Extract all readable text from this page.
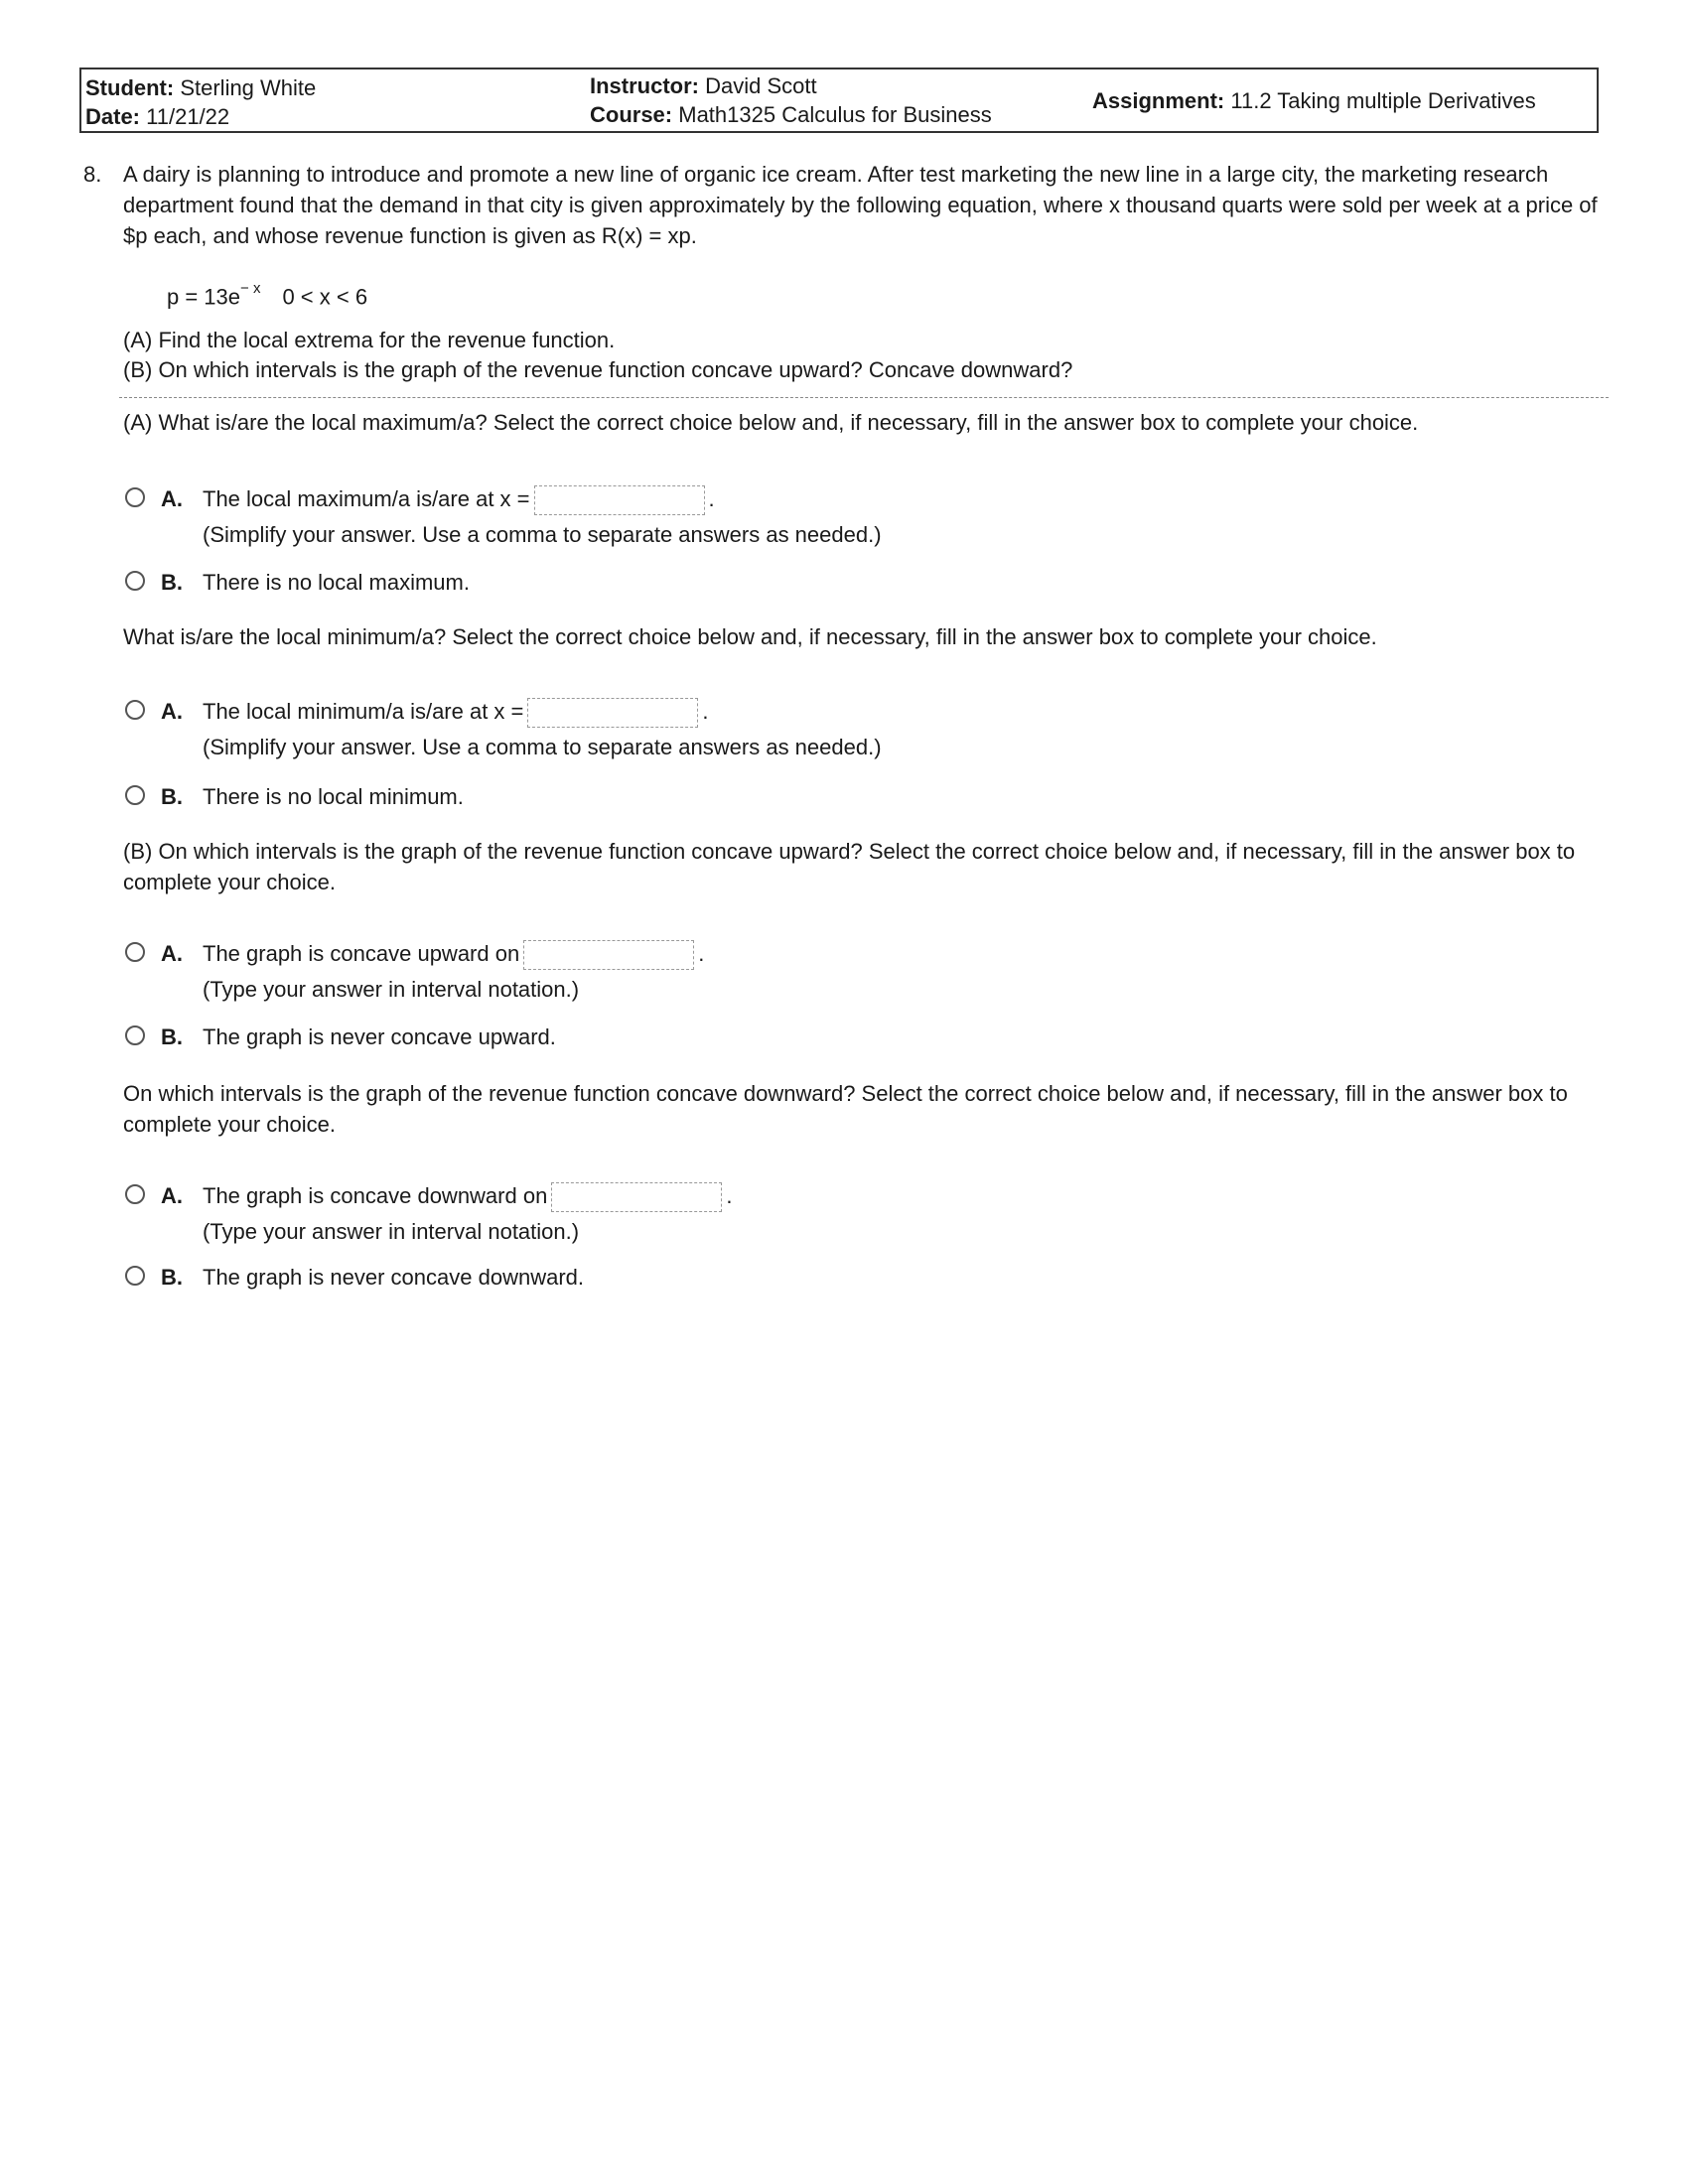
Student: Sterling White
Date: 11/21/22
Instructor: David Scott
Course: Math1325 Calculus for Business
Assignment: 11.2 Taking multiple Derivatives
8. A dairy is planning to introduce and promote a new line of organic ice cream. After test marketing the new line in a large city, the marketing research department found that the demand in that city is given approximately by the following equation, where x thousand quarts were sold per week at a price of $p each, and whose revenue function is given as R(x) = xp.
$p = 13e^{- x}$ 0 < x < 6
(A) Find the local extrema for the revenue function.
(B) On which intervals is the graph of the revenue function concave upward? Concave downward?
(A) What is/are the local maximum/a? Select the correct choice below and, if necessary, fill in the answer box to complete your choice.
A. The local maximum/a is/are at x =	.
(Simplify your answer. Use a comma to separate answers as needed.)
B. There is no local maximum.
What is/are the local minimum/a? Select the correct choice below and, if necessary, fill in the answer box to complete your choice.
A. The local minimum/a is/are at x =	.
(Simplify your answer. Use a comma to separate answers as needed.)
B. There is no local minimum.
(B) On which intervals is the graph of the revenue function concave upward? Select the correct choice below and, if necessary, fill in the answer box to complete your choice.
A. The graph is concave upward on	.
(Type your answer in interval notation.)
B. The graph is never concave upward.
On which intervals is the graph of the revenue function concave downward? Select the correct choice below and, if necessary, fill in the answer box to complete your choice.
A. The graph is concave downward on	.
(Type your answer in interval notation.)
B. The graph is never concave downward.
